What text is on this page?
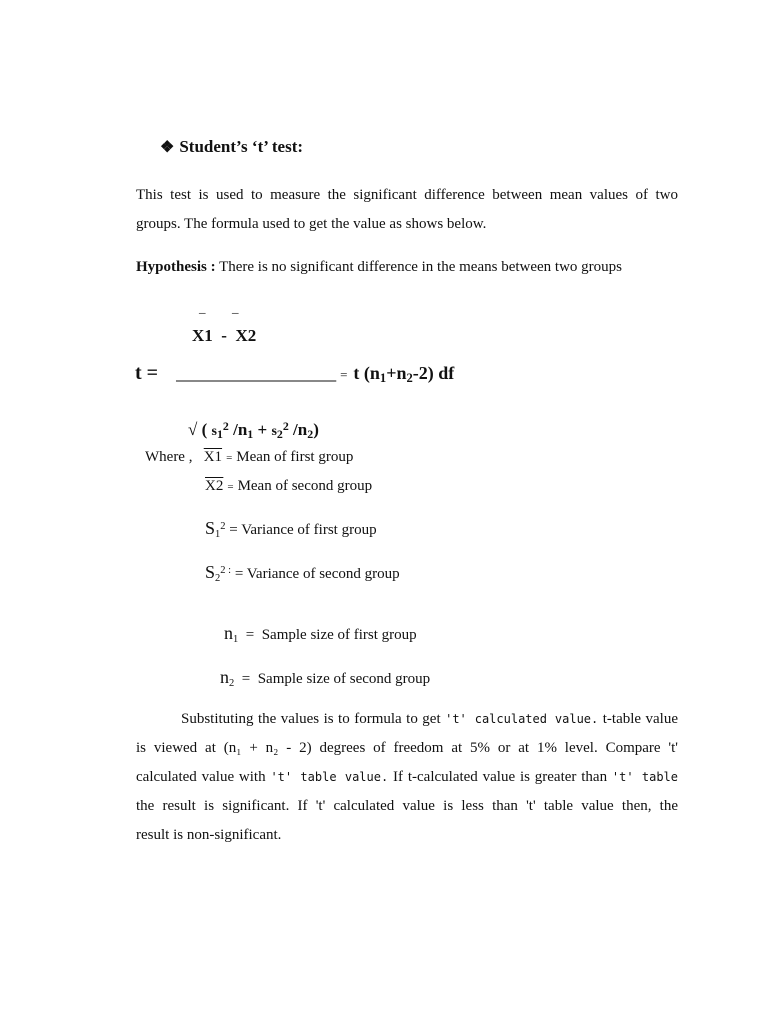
❖ Student’s ‘t’ test:
This test is used to measure the significant difference between mean values of two
groups. The formula used to get the value as shows below.
Hypothesis : There is no significant difference in the means between two groups
_ _
X1  -  X2
t = ________________ = t $(n_1+n_2-2)$ df

√ ( $s_1^2$ $/n_1 + s_2^2$ $/n_2$)

Where , X1 = Mean of first group
X2 = Mean of second group
$S_1^2$ = Variance of first group
$S_2^{2 :}$ = Variance of second group

$n_1$  =  Sample size of first group

$n_2$  =  Sample size of second group

Substituting the values is to formula to get 't' calculated value. t-table value
is viewed at (n₁ + n₂ - 2) degrees of freedom at 5% or at 1% level. Compare 't'
calculated value with 't' table value. If t-calculated value is greater than 't' table
the result is significant. If 't' calculated value is less than 't' table value then, the
result is non-significant.
